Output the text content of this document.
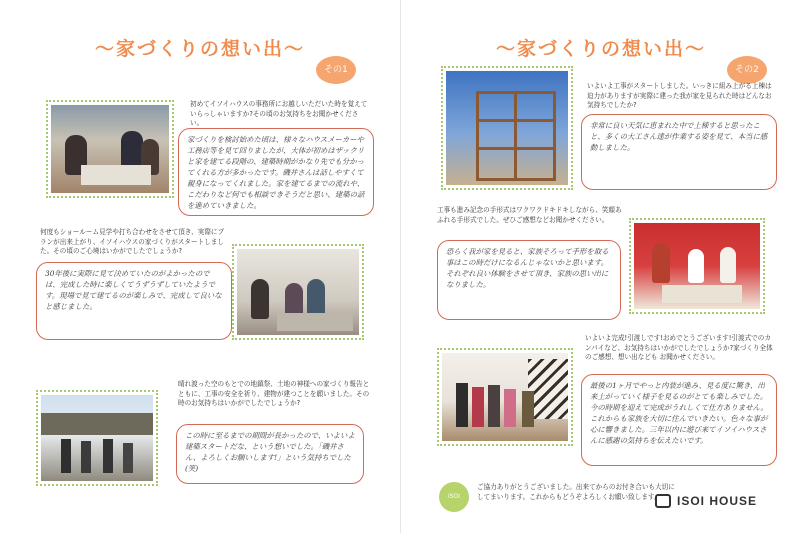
〜家づくりの想い出〜
その1
初めてイソイハウスの事務所にお越しいただいた時を覚えていらっしゃいますか?その頃のお気持ちをお聞かせください。
家づくりを検討始めた頃は、様々なハウスメーカーや工務店等を見て回りましたが、大体が初めはザックリと家を建てる段階の、建築時期がかなり先でも分かってくれる方が多かったです。磯井さんは話しやすくて親身になってくれました。家を建てるまでの流れや、こだわりなど何でも相談できそうだと思い、建築の話を進めていきました。
何度もショールーム見学や打ち合わせをさせて頂き、実際にプランが出来上がり、イソイハウスの家づくりがスタートしました。その頃のご心境はいかがでしたでしょうか?
30年後に実際に見て決めていたのがよかったのでは、完成した時に楽しくてうずうずしていたようです。現場で見て建てるのが楽しみで、完成して良いなと感じました。
晴れ渡った空のもとでの地鎮祭、土地の神様への家づくり報告とともに、工事の安全を祈り、建物が建つことを願いました。その時のお気持ちはいかがでしたでしょうか?
この時に至るまでの期間が長かったので、いよいよ建築スタートだな、という想いでした。「磯井さん、よろしくお願いします!」という気持ちでした(笑)
〜家づくりの想い出〜
その2
いよいよ工事がスタートしました。いっきに組み上がる上棟は迫力がありますが実際に建った我が家を見られた時はどんなお気持ちでしたか?
非常に良い天気に恵まれた中で上棟すると思ったこと、多くの大工さん達が作業する姿を見て、本当に感動しました。
工事も進み記念の手形式はワクワクドキドキしながら、笑顔あふれる手形式でした。ぜひご感想などお聞かせください。
恐らく我が家を見ると、家族そろって手形を取る事はこの時だけになるんじゃないかと思います。それぞれ良い体験をさせて頂き、家族の思い出になりました。
いよいよ完成!引渡しです!おめでとうございます!引渡式でのカンパイなど、お気持ちはいかがでしたでしょうか?家づくり全体のご感想、想い出なども お聞かせください。
最後の1ヶ月でやっと内装が進み、見る度に驚き、出来上がっていく様子を見るのがとても楽しみでした。今の時期を迎えて完成がうれしくて仕方ありません。これからも家族を大切に住んでいきたい。色々な事が心に響きました。三年以内に遊び来てイソイハウスさんに感謝の気持ちを伝えたいです。
ISOI
ご協力ありがとうございました。出来てからのお付き合いも大切にしてまいります。これからもどうぞよろしくお願い致します。	ISOI HOUSE
